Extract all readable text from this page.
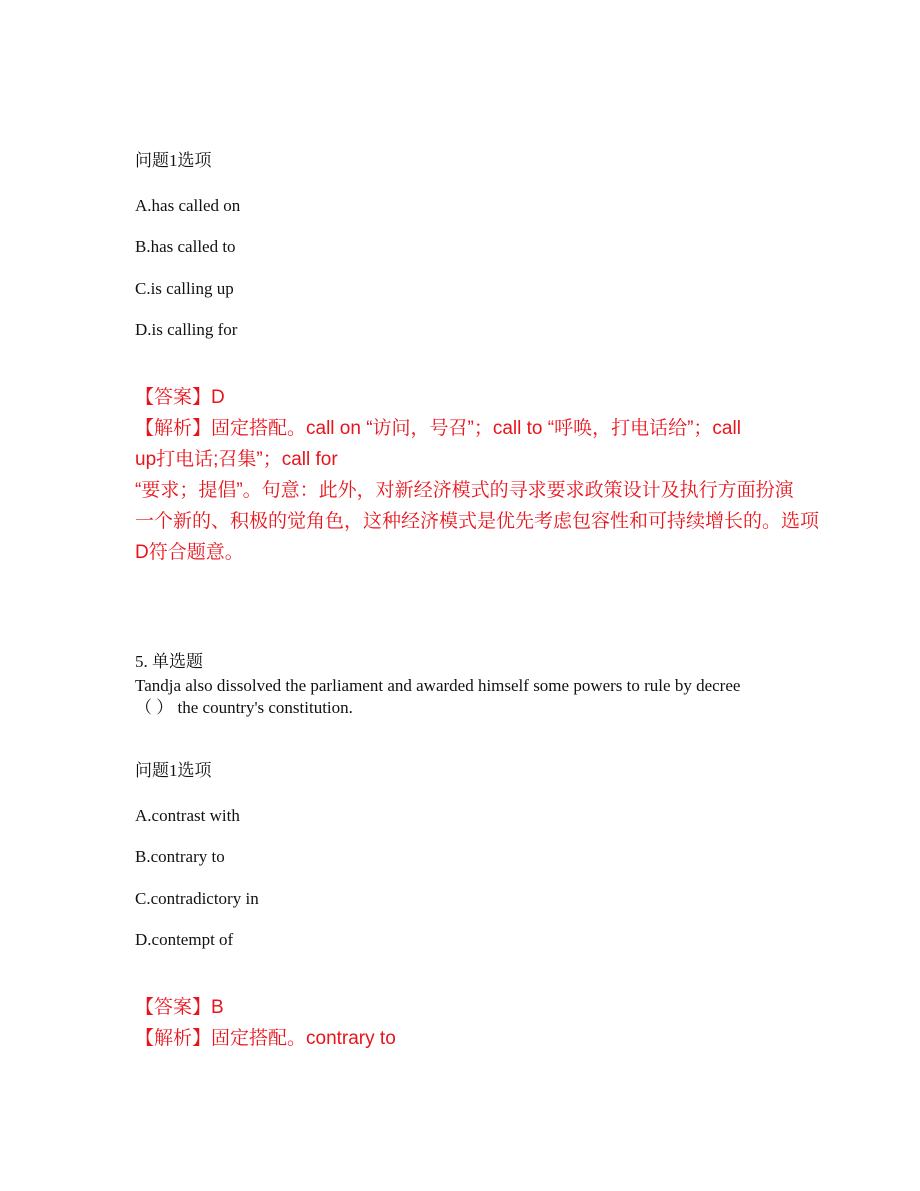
问题1选项
A.has called on
B.has called to
C.is calling up
D.is calling for
【答案】D
【解析】固定搭配。call on “访问，号召”；call to “呼唤，打电话给”；call
up打电话;召集”；call for
“要求；提倡”。句意：此外，对新经济模式的寻求要求政策设计及执行方面扮演
一个新的、积极的觉角色，这种经济模式是优先考虑包容性和可持续增长的。选项
D符合题意。
5. 单选题
Tandja also dissolved the parliament and awarded himself some powers to rule by decree
（ ） the country's constitution.
问题1选项
A.contrast with
B.contrary to
C.contradictory in
D.contempt of
【答案】B
【解析】固定搭配。contrary to
